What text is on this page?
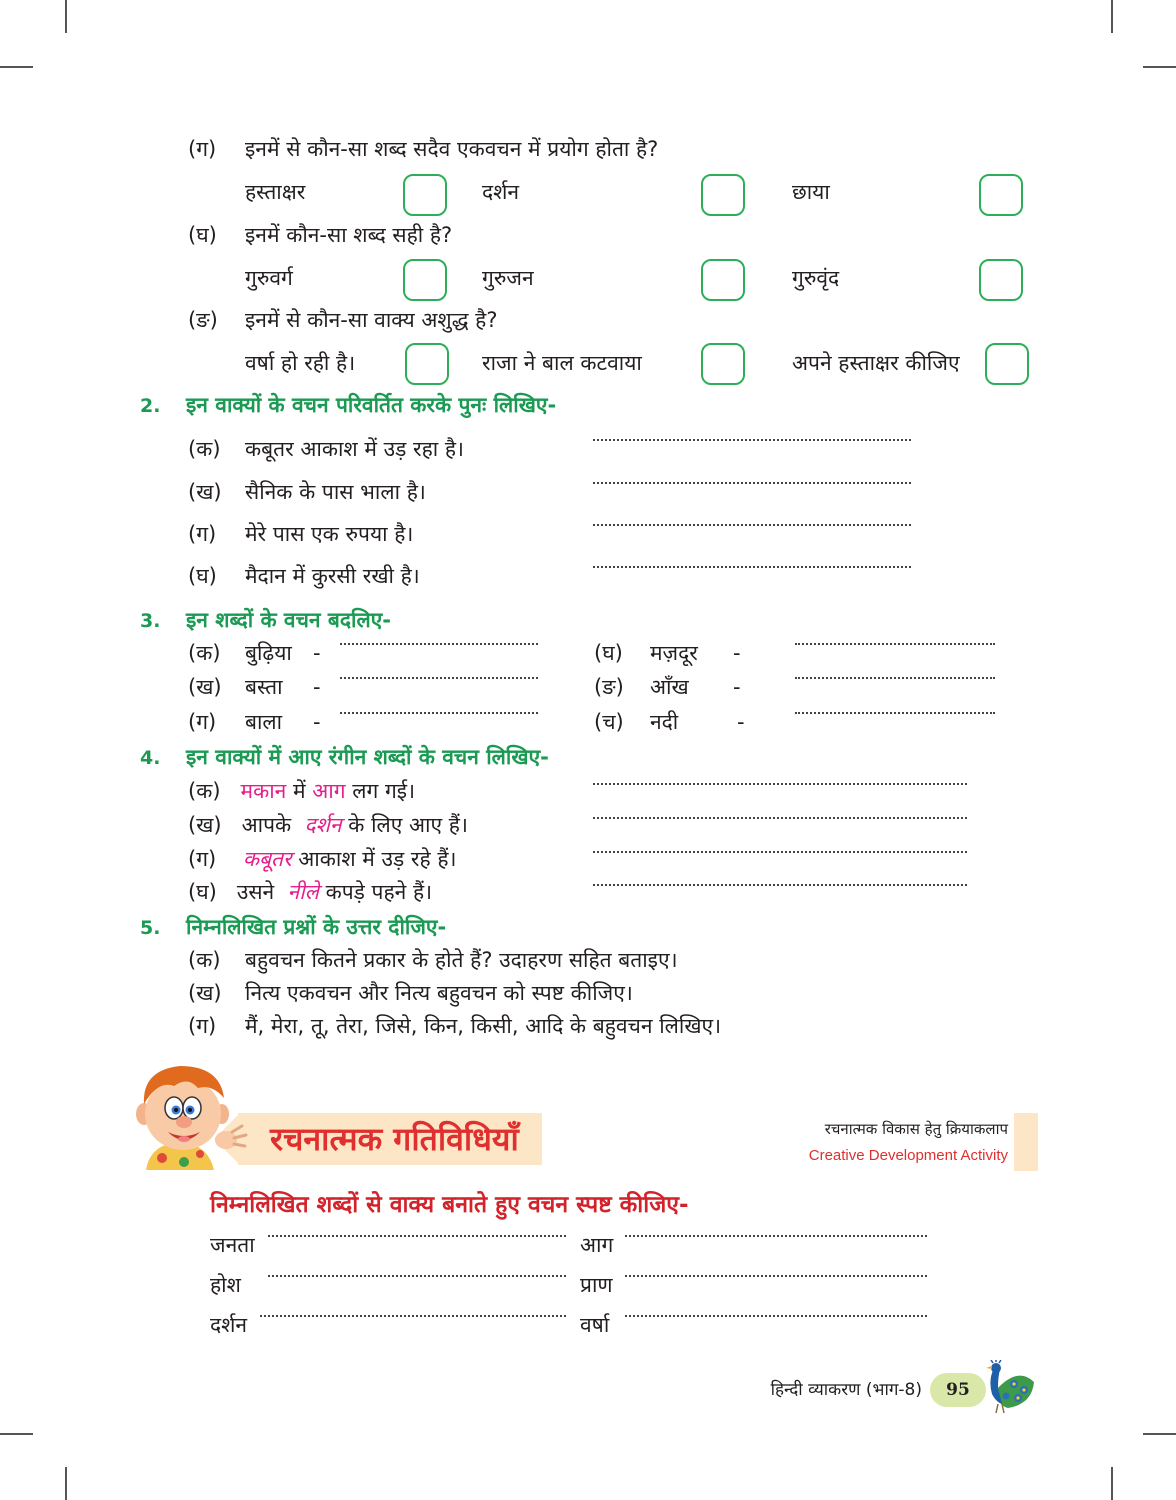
(ग) इनमें से कौन-सा शब्द सदैव एकवचन में प्रयोग होता है?
हस्ताक्षर	दर्शन	छाया
(घ) इनमें कौन-सा शब्द सही है?
गुरुवर्ग	गुरुजन	गुरुवृंद
(ङ) इनमें से कौन-सा वाक्य अशुद्ध है?
वर्षा हो रही है।	राजा ने बाल कटवाया	अपने हस्ताक्षर कीजिए
2. इन वाक्यों के वचन परिवर्तित करके पुनः लिखिए-
(क) कबूतर आकाश में उड़ रहा है।
(ख) सैनिक के पास भाला है।
(ग) मेरे पास एक रुपया है।
(घ) मैदान में कुरसी रखी है।
3. इन शब्दों के वचन बदलिए-
(क) बुढ़िया -	(घ) मज़दूर -
(ख) बस्ता -	(ङ) आँख -
(ग) बाला -	(च) नदी	-
4. इन वाक्यों में आए रंगीन शब्दों के वचन लिखिए-
(क) मकान में आग लग गई।
(ख) आपके दर्शन के लिए आए हैं।
(ग) कबूतर आकाश में उड़ रहे हैं।
(घ) उसने नीले कपड़े पहने हैं।
5. निम्नलिखित प्रश्नों के उत्तर दीजिए-
(क) बहुवचन कितने प्रकार के होते हैं? उदाहरण सहित बताइए।
(ख) नित्य एकवचन और नित्य बहुवचन को स्पष्ट कीजिए।
(ग) मैं, मेरा, तू, तेरा, जिसे, किन, किसी, आदि के बहुवचन लिखिए।
रचनात्मक गतिविधियाँ	रचनात्मक विकास हेतु क्रियाकलाप
Creative Development Activity
निम्नलिखित शब्दों से वाक्य बनाते हुए वचन स्पष्ट कीजिए-
जनता	आग
होश	प्राण
दर्शन	वर्षा
हिन्दी व्याकरण (भाग-8)	95
